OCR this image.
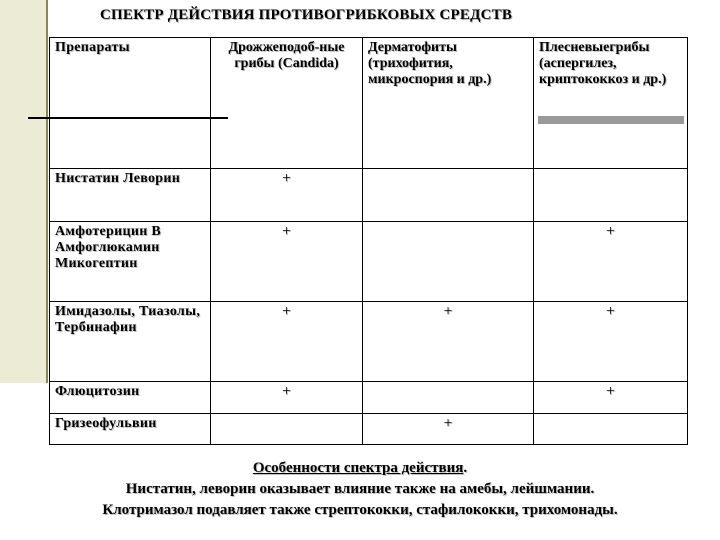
СПЕКТР ДЕЙСТВИЯ ПРОТИВОГРИБКОВЫХ СРЕДСТВ
Препараты	Дрожжеподоб-ные грибы (Candida)	Дерматофиты (трихофития, микроспория и др.)	Плесневыегрибы (аспергилез, криптококкоз и др.)
Нистатин Леворин	+		
Амфотерицин В Амфоглюкамин Микогептин	+		+
Имидазолы, Тиазолы, Тербинафин	+	+	+
Флюцитозин	+		+
Гризеофульвин		+	
Особенности спектра действия.
Нистатин, леворин оказывает влияние также на амебы, лейшмании.
Клотримазол подавляет также стрептококки, стафилококки, трихомонады.
